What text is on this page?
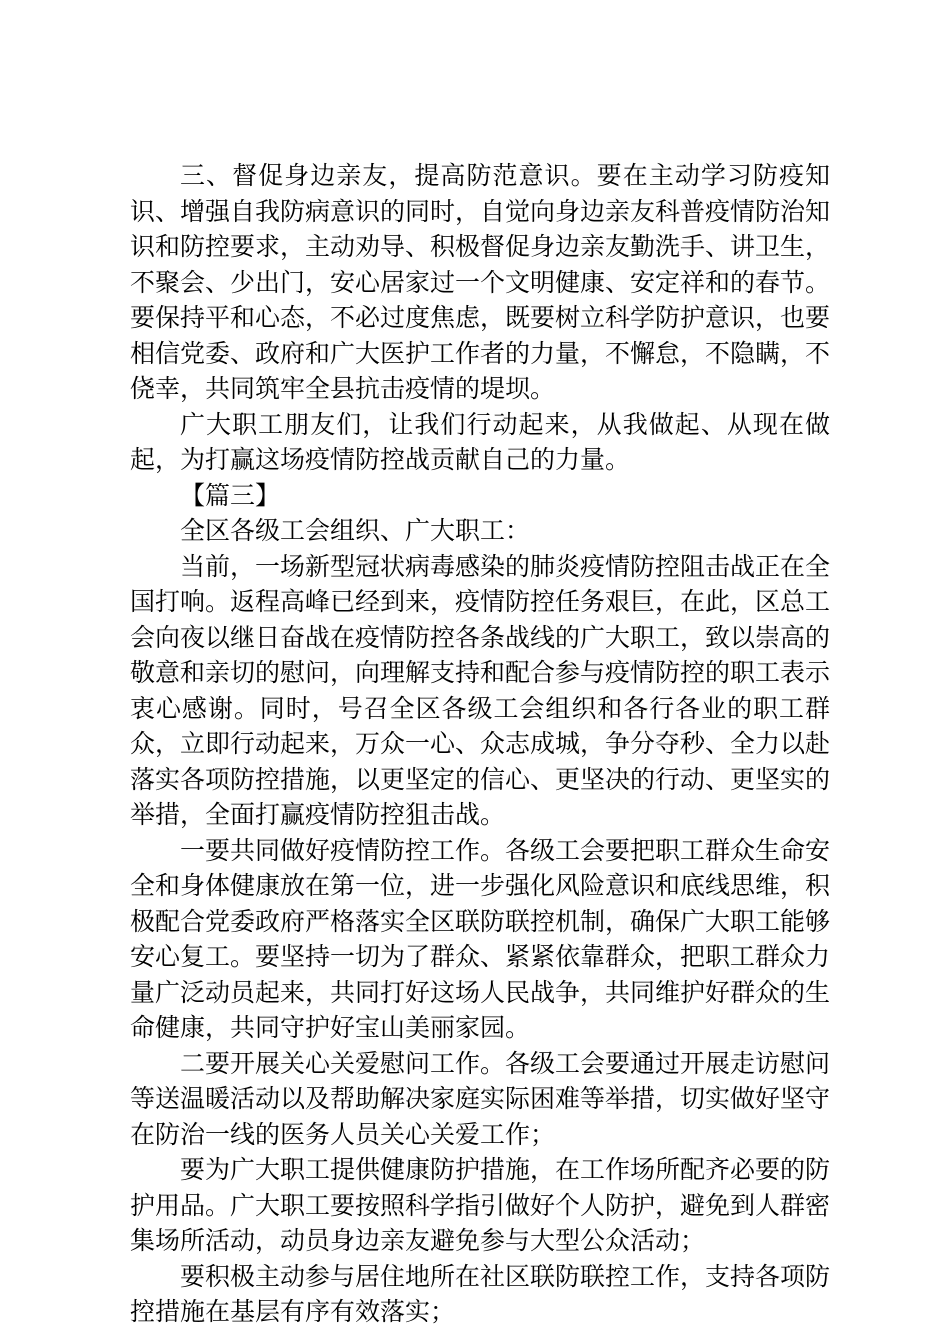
三、督促身边亲友，提高防范意识。要在主动学习防疫知识、增强自我防病意识的同时，自觉向身边亲友科普疫情防治知识和防控要求，主动劝导、积极督促身边亲友勤洗手、讲卫生，不聚会、少出门，安心居家过一个文明健康、安定祥和的春节。要保持平和心态，不必过度焦虑，既要树立科学防护意识，也要相信党委、政府和广大医护工作者的力量，不懈怠，不隐瞒，不侥幸，共同筑牢全县抗击疫情的堤坝。

广大职工朋友们，让我们行动起来，从我做起、从现在做起，为打赢这场疫情防控战贡献自己的力量。

【篇三】

全区各级工会组织、广大职工：

当前，一场新型冠状病毒感染的肺炎疫情防控阻击战正在全国打响。返程高峰已经到来，疫情防控任务艰巨，在此，区总工会向夜以继日奋战在疫情防控各条战线的广大职工，致以崇高的敬意和亲切的慰问，向理解支持和配合参与疫情防控的职工表示衷心感谢。同时，号召全区各级工会组织和各行各业的职工群众，立即行动起来，万众一心、众志成城，争分夺秒、全力以赴落实各项防控措施，以更坚定的信心、更坚决的行动、更坚实的举措，全面打赢疫情防控狙击战。

一要共同做好疫情防控工作。各级工会要把职工群众生命安全和身体健康放在第一位，进一步强化风险意识和底线思维，积极配合党委政府严格落实全区联防联控机制，确保广大职工能够安心复工。要坚持一切为了群众、紧紧依靠群众，把职工群众力量广泛动员起来，共同打好这场人民战争，共同维护好群众的生命健康，共同守护好宝山美丽家园。

二要开展关心关爱慰问工作。各级工会要通过开展走访慰问等送温暖活动以及帮助解决家庭实际困难等举措，切实做好坚守在防治一线的医务人员关心关爱工作；

要为广大职工提供健康防护措施，在工作场所配齐必要的防护用品。广大职工要按照科学指引做好个人防护，避免到人群密集场所活动，动员身边亲友避免参与大型公众活动；

要积极主动参与居住地所在社区联防联控工作，支持各项防控措施在基层有序有效落实；
